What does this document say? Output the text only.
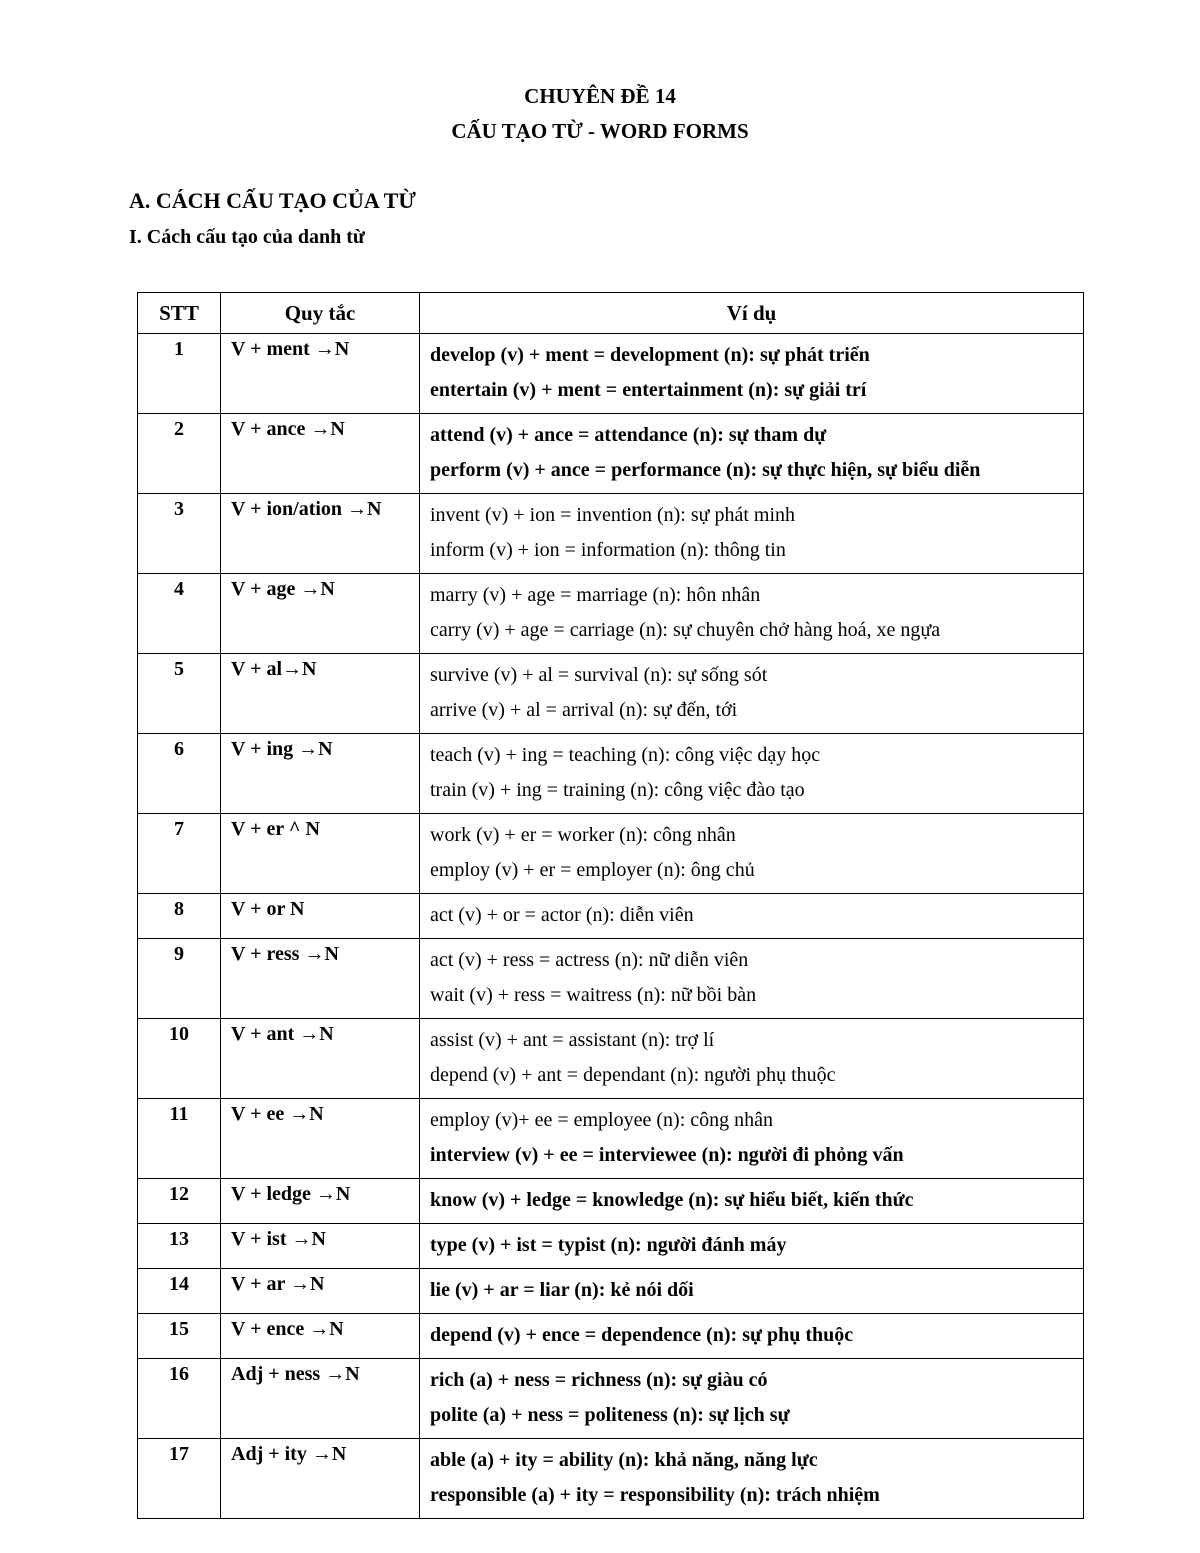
CHUYÊN ĐỀ 14
CẤU TẠO TỪ - WORD FORMS
A. CÁCH CẤU TẠO CỦA TỪ
I. Cách cấu tạo của danh từ
STT	Quy tắc	Ví dụ
1	V + ment →N	develop (v) + ment = development (n): sự phát triển
entertain (v) + ment = entertainment (n): sự giải trí

2	V + ance →N	attend (v) + ance = attendance (n): sự tham dự
perform (v) + ance = performance (n): sự thực hiện, sự biểu diễn

3	V + ion/ation →N	invent (v) + ion = invention (n): sự phát minh
inform (v) + ion = information (n): thông tin

4	V + age →N	marry (v) + age = marriage (n): hôn nhân
carry (v) + age = carriage (n): sự chuyên chở hàng hoá, xe ngựa

5	V + al→N	survive (v) + al = survival (n): sự sống sót
arrive (v) + al = arrival (n): sự đến, tới

6	V + ing →N	teach (v) + ing = teaching (n): công việc dạy học
train (v) + ing = training (n): công việc đào tạo

7	V + er ^ N	work (v) + er = worker (n): công nhân
employ (v) + er = employer (n): ông chủ

8	V + or N	act (v) + or = actor (n): diễn viên

9	V + ress →N	act (v) + ress = actress (n): nữ diễn viên
wait (v) + ress = waitress (n): nữ bồi bàn

10	V + ant →N	assist (v) + ant = assistant (n): trợ lí
depend (v) + ant = dependant (n): người phụ thuộc

11	V + ee →N	employ (v)+ ee = employee (n): công nhân
interview (v) + ee = interviewee (n): người đi phỏng vấn

12	V + ledge →N	know (v) + ledge = knowledge (n): sự hiểu biết, kiến thức

13	V + ist →N	type (v) + ist = typist (n): người đánh máy

14	V + ar →N	lie (v) + ar = liar (n): kẻ nói dối

15	V + ence →N	depend (v) + ence = dependence (n): sự phụ thuộc

16	Adj + ness →N	rich (a) + ness = richness (n): sự giàu có
polite (a) + ness = politeness (n): sự lịch sự

17	Adj + ity →N	able (a) + ity = ability (n): khả năng, năng lực
responsible (a) + ity = responsibility (n): trách nhiệm
